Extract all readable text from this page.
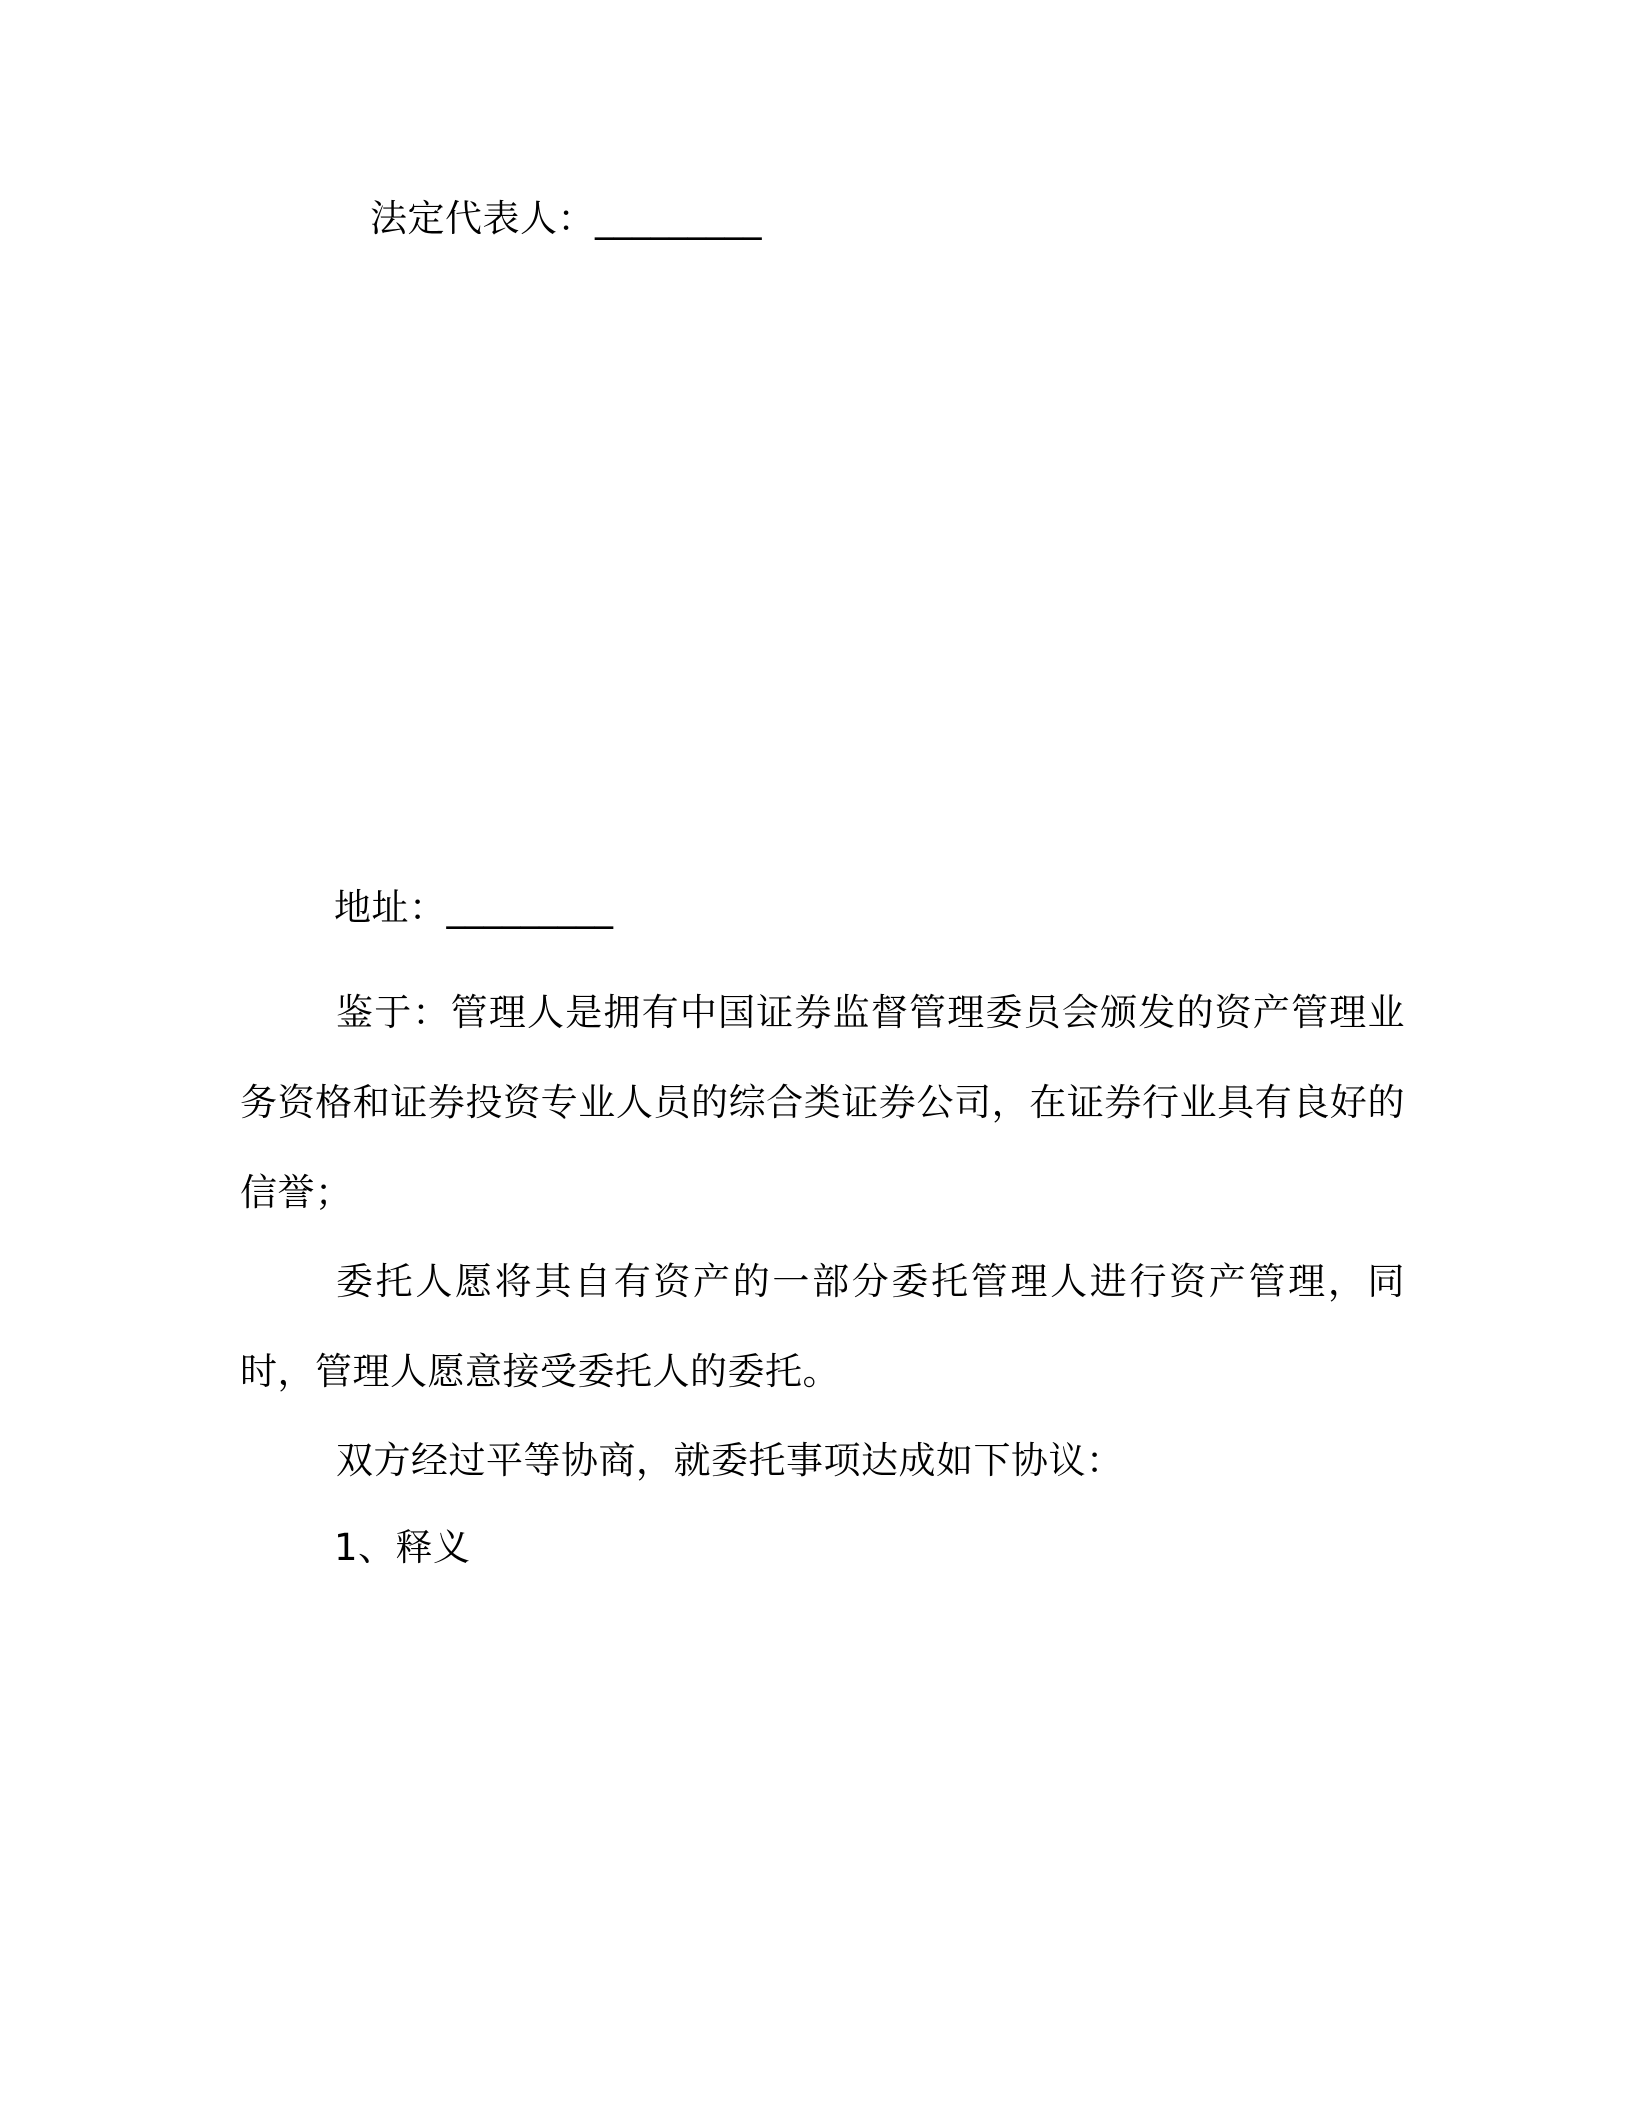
法定代表人：_________
地址：_________
鉴于：管理人是拥有中国证券监督管理委员会颁发的资产管理业务资格和证券投资专业人员的综合类证券公司，在证券行业具有良好的信誉；
委托人愿将其自有资产的一部分委托管理人进行资产管理，同时，管理人愿意接受委托人的委托。
双方经过平等协商，就委托事项达成如下协议：
1、释义
